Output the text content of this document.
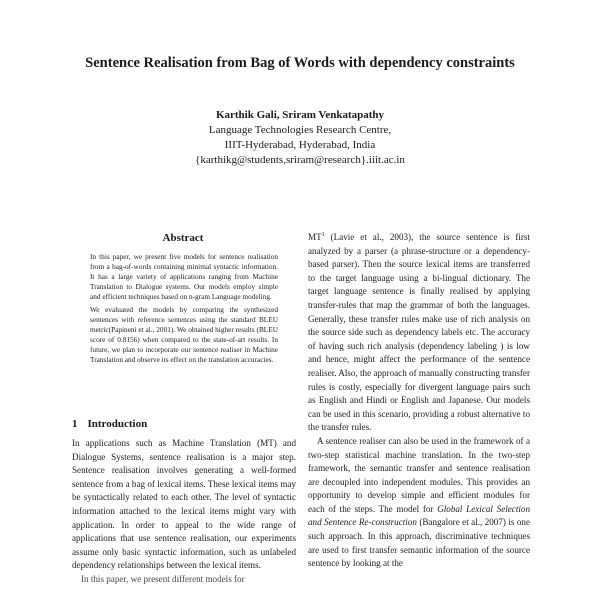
Sentence Realisation from Bag of Words with dependency constraints
Karthik Gali, Sriram Venkatapathy
Language Technologies Research Centre,
IIIT-Hyderabad, Hyderabad, India
{karthikg@students,sriram@research}.iiit.ac.in
Abstract

In this paper, we present five models for sentence realisation from a bag-of-words containing minimal syntactic information. It has a large variety of applications ranging from Machine Translation to Dialogue systems. Our models employ simple and efficient techniques based on n-gram Language modeling.

We evaluated the models by comparing the synthesized sentences with reference sentences using the standard BLEU metric(Papineni et al., 2001). We obtained higher results (BLEU score of 0.8156) when compared to the state-of-art results. In future, we plan to incorporate our sentence realiser in Machine Translation and observe its effect on the translation accuracies.

1 Introduction

In applications such as Machine Translation (MT) and Dialogue Systems, sentence realisation is a major step. Sentence realisation involves generating a well-formed sentence from a bag of lexical items. These lexical items may be syntactically related to each other. The level of syntactic information attached to the lexical items might vary with application. In order to appeal to the wide range of applications that use sentence realisation, our experiments assume only basic syntactic information, such as unlabeled dependency relationships between the lexical items.

In this paper, we present different models for

$MT^1$ (Lavie et al., 2003), the source sentence is first analyzed by a parser (a phrase-structure or a dependency-based parser). Then the source lexical items are transferred to the target language using a bi-lingual dictionary. The target language sentence is finally realised by applying transfer-rules that map the grammar of both the languages. Generally, these transfer rules make use of rich analysis on the source side such as dependency labels etc. The accuracy of having such rich analysis (dependency labeling ) is low and hence, might affect the performance of the sentence realiser. Also, the approach of manually constructing transfer rules is costly, especially for divergent language pairs such as English and Hindi or English and Japanese. Our models can be used in this scenario, providing a robust alternative to the transfer rules.

A sentence realiser can also be used in the framework of a two-step statistical machine translation. In the two-step framework, the semantic transfer and sentence realisation are decoupled into independent modules. This provides an opportunity to develop simple and efficient modules for each of the steps. The model for Global Lexical Selection and Sentence Re-construction (Bangalore et al., 2007) is one such approach. In this approach, discriminative techniques are used to first transfer semantic information of the source sentence by looking at the
